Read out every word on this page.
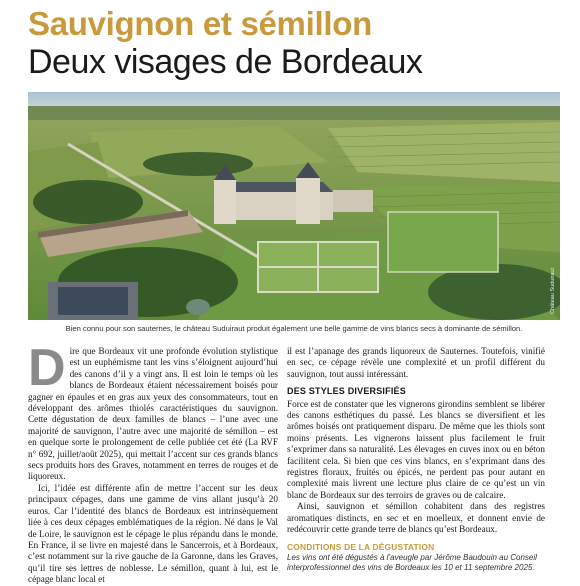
Sauvignon et sémillon
Deux visages de Bordeaux
Château Suduiraut
Bien connu pour son sauternes, le château Suduiraut produit également une belle gamme de vins blancs secs à dominante de sémillon.
D ire que Bordeaux vit une profonde évolution stylistique est un euphémisme tant les vins s’éloignent aujourd’hui des canons d’il y a vingt ans. Il est loin le temps où les blancs de Bordeaux étaient nécessairement boisés pour gagner en épaules et en gras aux yeux des consommateurs, tout en développant des arômes thiolés caractéristiques du sauvignon. Cette dégustation de deux familles de blancs – l’une avec une majorité de sauvignon, l’autre avec une majorité de sémillon – est en quelque sorte le prolongement de celle publiée cet été (La RVF n° 692, juillet/août 2025), qui mettait l’accent sur ces grands blancs secs produits hors des Graves, notamment en terres de rouges et de liquoreux.

Ici, l’idée est différente afin de mettre l’accent sur les deux principaux cépages, dans une gamme de vins allant jusqu’à 20 euros. Car l’identité des blancs de Bordeaux est intrinsèquement liée à ces deux cépages emblématiques de la région. Né dans le Val de Loire, le sauvignon est le cépage le plus répandu dans le monde. En France, il se livre en majesté dans le Sancerrois, et à Bordeaux, c’est notamment sur la rive gauche de la Garonne, dans les Graves, qu’il tire ses lettres de noblesse. Le sémillon, quant à lui, est le cépage blanc local et

il est l’apanage des grands liquoreux de Sauternes. Toutefois, vinifié en sec, ce cépage révèle une complexité et un profil différent du sauvignon, tout aussi intéressant.

DES STYLES DIVERSIFIÉS

Force est de constater que les vignerons girondins semblent se libérer des canons esthétiques du passé. Les blancs se diversifient et les arômes boisés ont pratiquement disparu. De même que les thiols sont moins présents. Les vignerons laissent plus facilement le fruit s’exprimer dans sa naturalité. Les élevages en cuves inox ou en béton facilitent cela. Si bien que ces vins blancs, en s’exprimant dans des registres floraux, fruités ou épicés, ne perdent pas pour autant en complexité mais livrent une lecture plus claire de ce qu’est un vin blanc de Bordeaux sur des terroirs de graves ou de calcaire.

Ainsi, sauvignon et sémillon cohabitent dans des registres aromatiques distincts, en sec et en moelleux, et donnent envie de redécouvrir cette grande terre de blancs qu’est Bordeaux.

CONDITIONS DE LA DÉGUSTATION
Les vins ont été dégustés à l’aveugle par Jérôme Baudouin au Conseil interprofessionnel des vins de Bordeaux les 10 et 11 septembre 2025.
